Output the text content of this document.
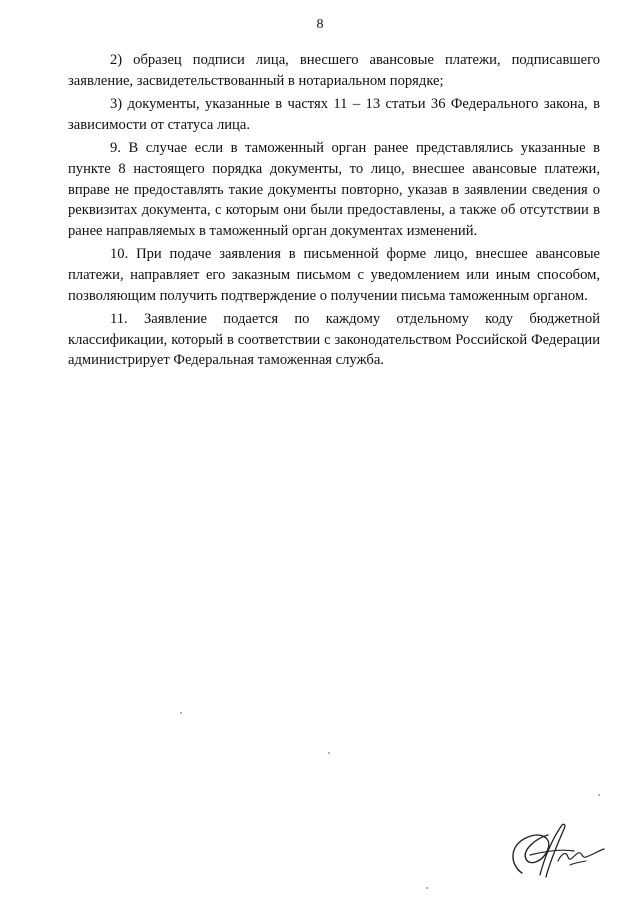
8

2) образец подписи лица, внесшего авансовые платежи, подписавшего заявление, засвидетельствованный в нотариальном порядке;

3) документы, указанные в частях 11 – 13 статьи 36 Федерального закона, в зависимости от статуса лица.

9. В случае если в таможенный орган ранее представлялись указанные в пункте 8 настоящего порядка документы, то лицо, внесшее авансовые платежи, вправе не предоставлять такие документы повторно, указав в заявлении сведения о реквизитах документа, с которым они были предоставлены, а также об отсутствии в ранее направляемых в таможенный орган документах изменений.

10. При подаче заявления в письменной форме лицо, внесшее авансовые платежи, направляет его заказным письмом с уведомлением или иным способом, позволяющим получить подтверждение о получении письма таможенным органом.

11. Заявление подается по каждому отдельному коду бюджетной классификации, который в соответствии с законодательством Российской Федерации администрирует Федеральная таможенная служба.
